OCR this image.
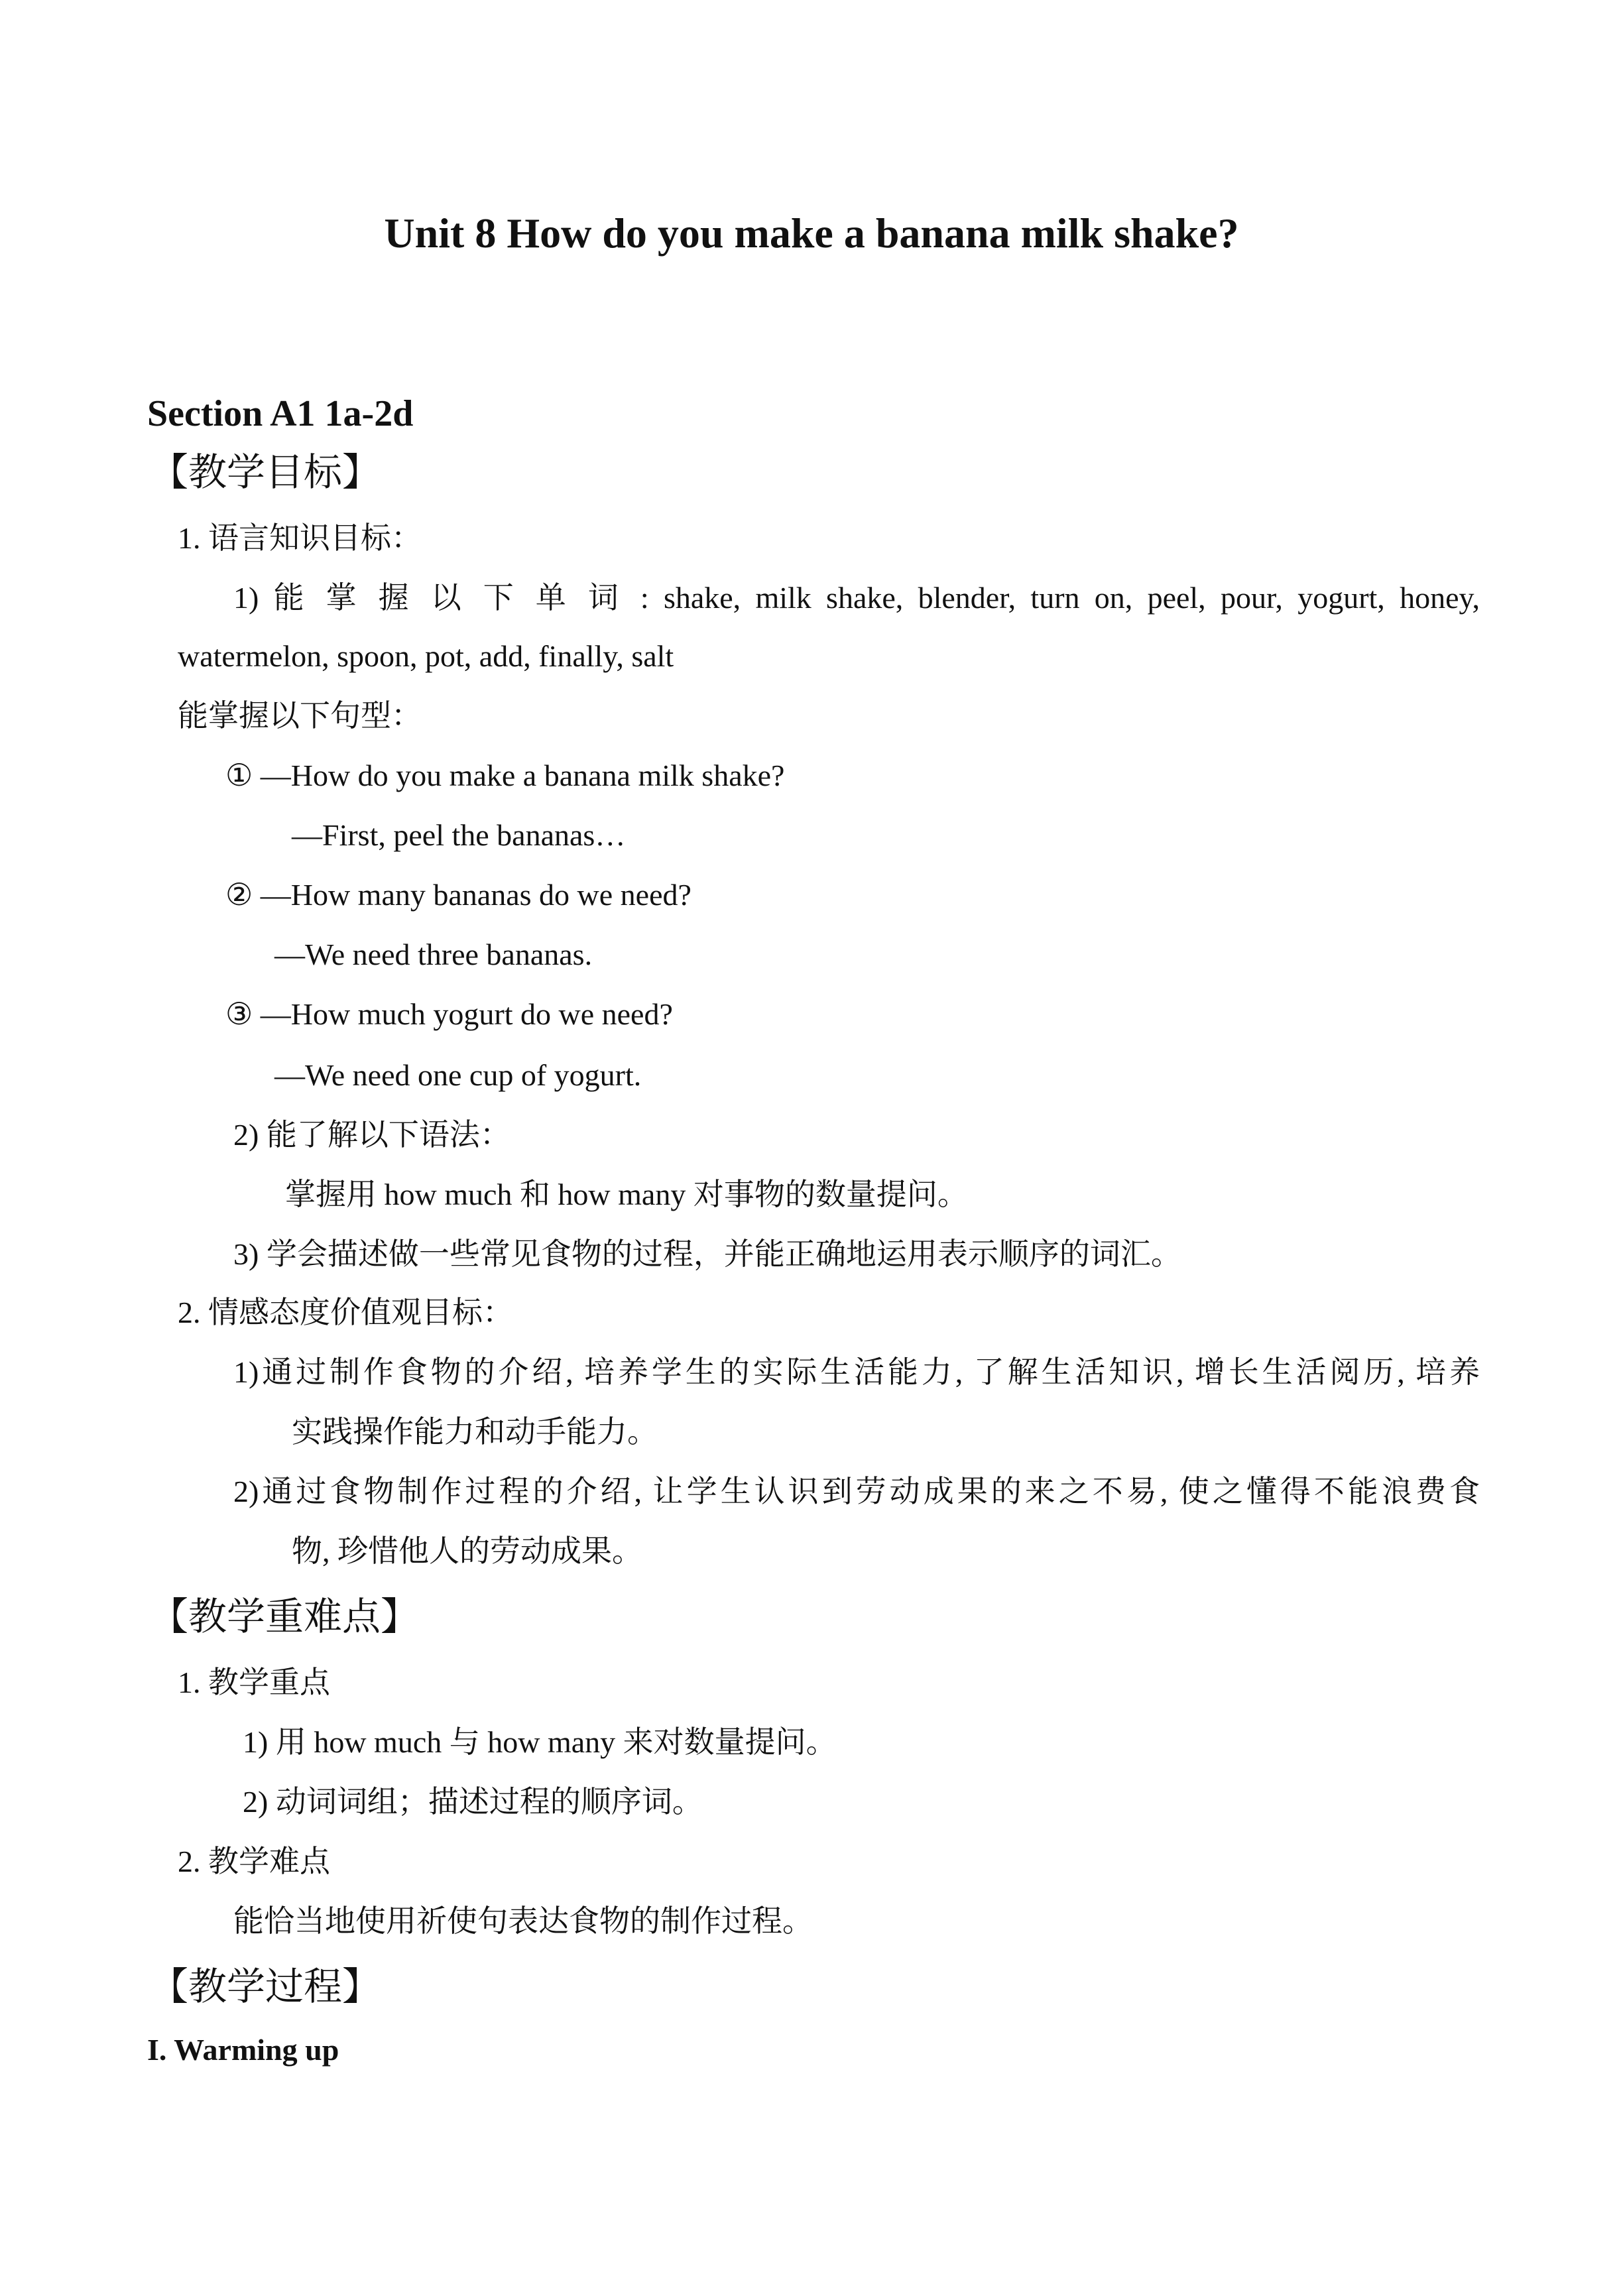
Unit 8 How do you make a banana milk shake?
Section A1 1a-2d
【教学目标】
1. 语言知识目标：
1) 能 掌 握 以 下 单 词 : shake, milk shake, blender, turn on, peel, pour, yogurt, honey,
watermelon, spoon, pot, add, finally, salt
能掌握以下句型：
① —How do you make a banana milk shake?
—First, peel the bananas…
② —How many bananas do we need?
—We need three bananas.
③ —How much yogurt do we need?
—We need one cup of yogurt.
2) 能了解以下语法：
掌握用 how much 和 how many 对事物的数量提问。
3) 学会描述做一些常见食物的过程，并能正确地运用表示顺序的词汇。
2. 情感态度价值观目标：
1)通过制作食物的介绍, 培养学生的实际生活能力, 了解生活知识, 增长生活阅历, 培养
实践操作能力和动手能力。
2)通过食物制作过程的介绍, 让学生认识到劳动成果的来之不易, 使之懂得不能浪费食
物, 珍惜他人的劳动成果。
【教学重难点】
1. 教学重点
1) 用 how much 与 how many 来对数量提问。
2) 动词词组；描述过程的顺序词。
2. 教学难点
能恰当地使用祈使句表达食物的制作过程。
【教学过程】
I. Warming up
